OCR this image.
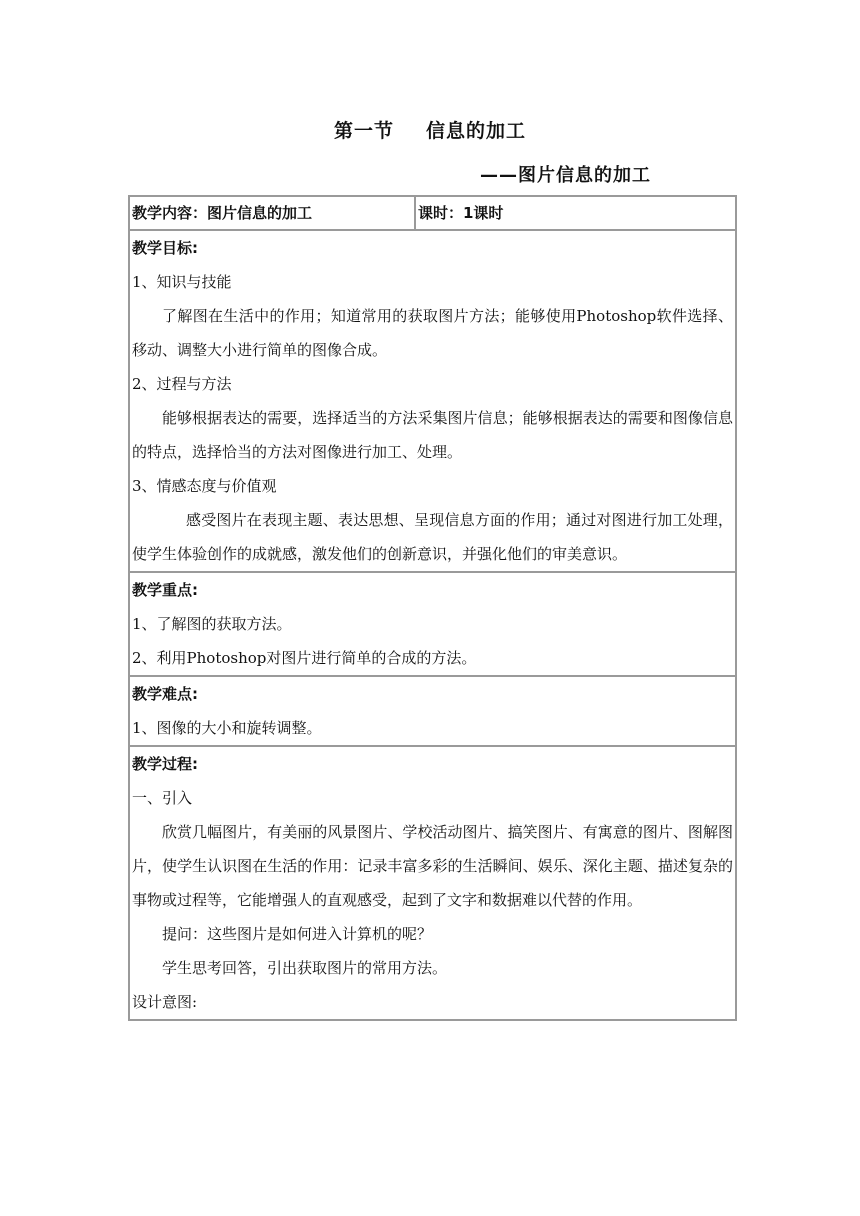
第一节 信息的加工
——图片信息的加工
教学内容：图片信息的加工	课时：1课时

教学目标:
1、知识与技能
了解图在生活中的作用；知道常用的获取图片方法；能够使用Photoshop软件选择、移动、调整大小进行简单的图像合成。
2、过程与方法
能够根据表达的需要，选择适当的方法采集图片信息；能够根据表达的需要和图像信息的特点，选择恰当的方法对图像进行加工、处理。
3、情感态度与价值观
感受图片在表现主题、表达思想、呈现信息方面的作用；通过对图进行加工处理，使学生体验创作的成就感，激发他们的创新意识，并强化他们的审美意识。

教学重点:
1、了解图的获取方法。
2、利用Photoshop对图片进行简单的合成的方法。

教学难点:
1、图像的大小和旋转调整。

教学过程:
一、引入
欣赏几幅图片，有美丽的风景图片、学校活动图片、搞笑图片、有寓意的图片、图解图片，使学生认识图在生活的作用：记录丰富多彩的生活瞬间、娱乐、深化主题、描述复杂的事物或过程等，它能增强人的直观感受，起到了文字和数据难以代替的作用。
提问：这些图片是如何进入计算机的呢？
学生思考回答，引出获取图片的常用方法。
设计意图:
